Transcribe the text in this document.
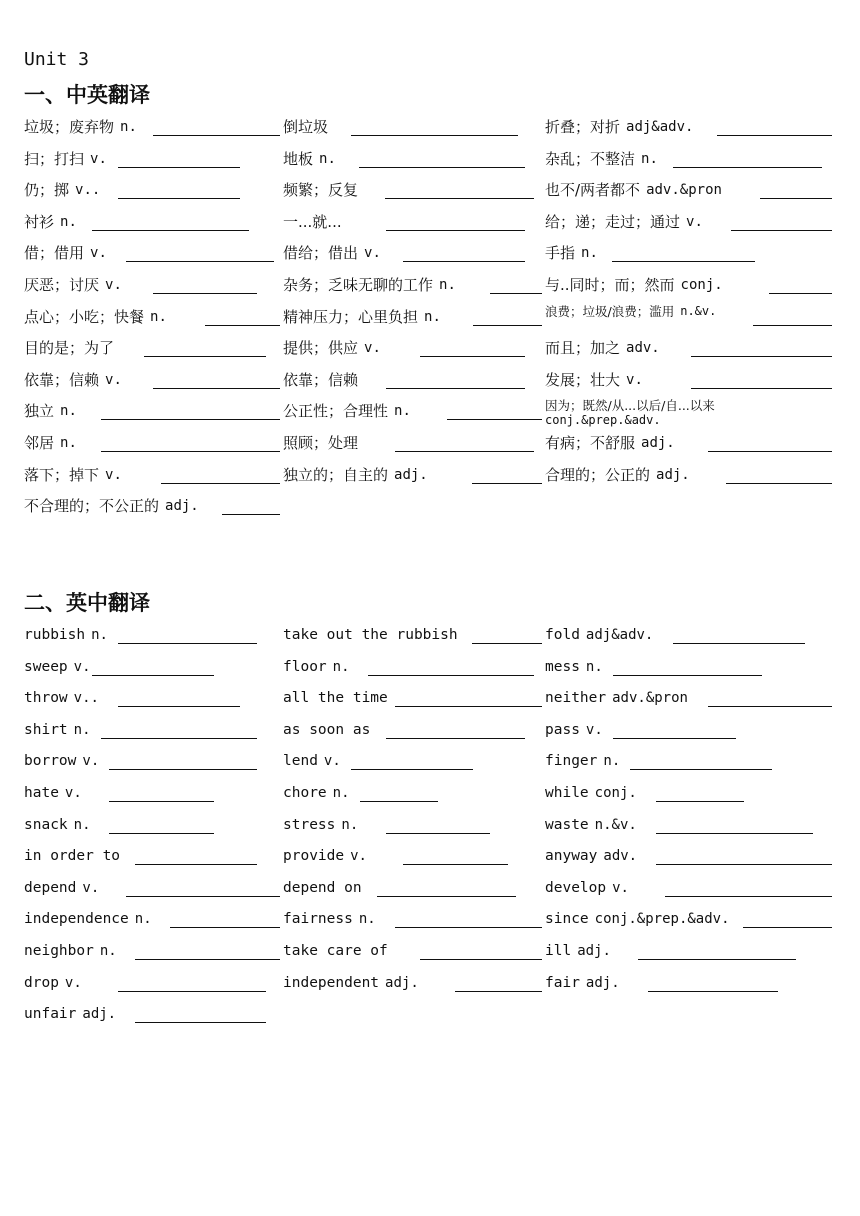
Unit 3
一、中英翻译
垃圾；废弃物 n.	倒垃圾	折叠；对折 adj&adv.
扫；打扫 v.	地板 n.	杂乱；不整洁 n.
仍；掷 v..	频繁；反复	也不/两者都不 adv.&pron
衬衫 n.	一...就...	给；递；走过；通过 v.
借；借用 v.	借给；借出 v.	手指 n.
厌恶；讨厌 v.	杂务；乏味无聊的工作 n.	与..同时；而；然而 conj.
点心；小吃；快餐 n.	精神压力；心里负担 n.	浪费；垃圾/浪费；滥用 n.&v.
目的是；为了	提供；供应 v.	而且；加之 adv.
依靠；信赖 v.	依靠；信赖	发展；壮大 v.
独立 n.	公正性；合理性 n.	因为；既然/从...以后/自...以来
conj.&prep.&adv.
邻居 n.	照顾；处理	有病；不舒服 adj.
落下；掉下 v.	独立的；自主的 adj.	合理的；公正的 adj.
不合理的；不公正的 adj.
二、英中翻译
rubbish n.	take out the rubbish	fold adj&adv.
sweep v.	floor n.	mess n.
throw v..	all the time	neither adv.&pron
shirt n.	as soon as	pass v.
borrow v.	lend v.	finger n.
hate v.	chore n.	while conj.
snack n.	stress n.	waste n.&v.
in order to	provide v.	anyway adv.
depend v.	depend on	develop v.
independence n.	fairness n.	since conj.&prep.&adv.
neighbor n.	take care of	ill adj.
drop v.	independent adj.	fair adj.
unfair adj.
